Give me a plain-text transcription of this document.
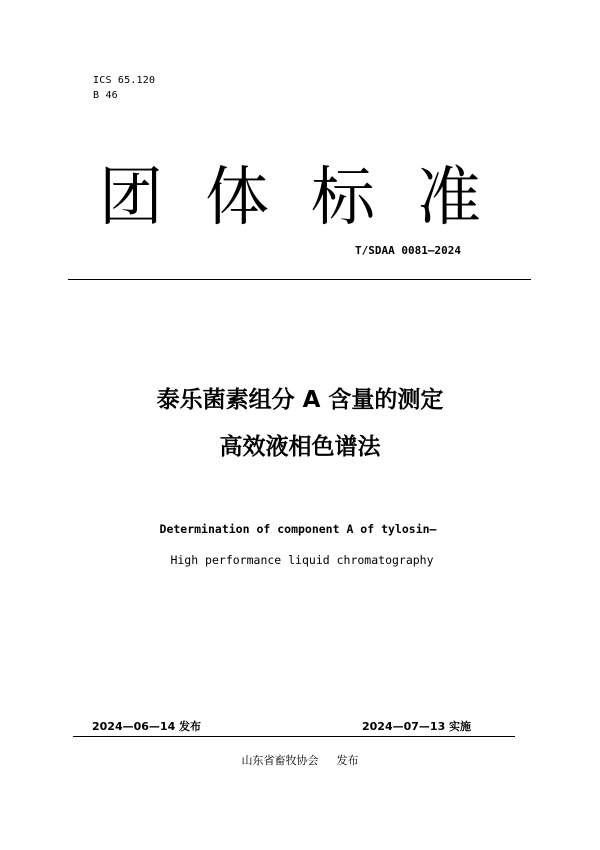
ICS 65.120
B 46
团 体 标 准
T/SDAA 0081—2024
泰乐菌素组分 A 含量的测定
高效液相色谱法
Determination of component A of tylosin—
High performance liquid chromatography
2024—06—14 发布	2024—07—13 实施
山东省畜牧协会 发布
